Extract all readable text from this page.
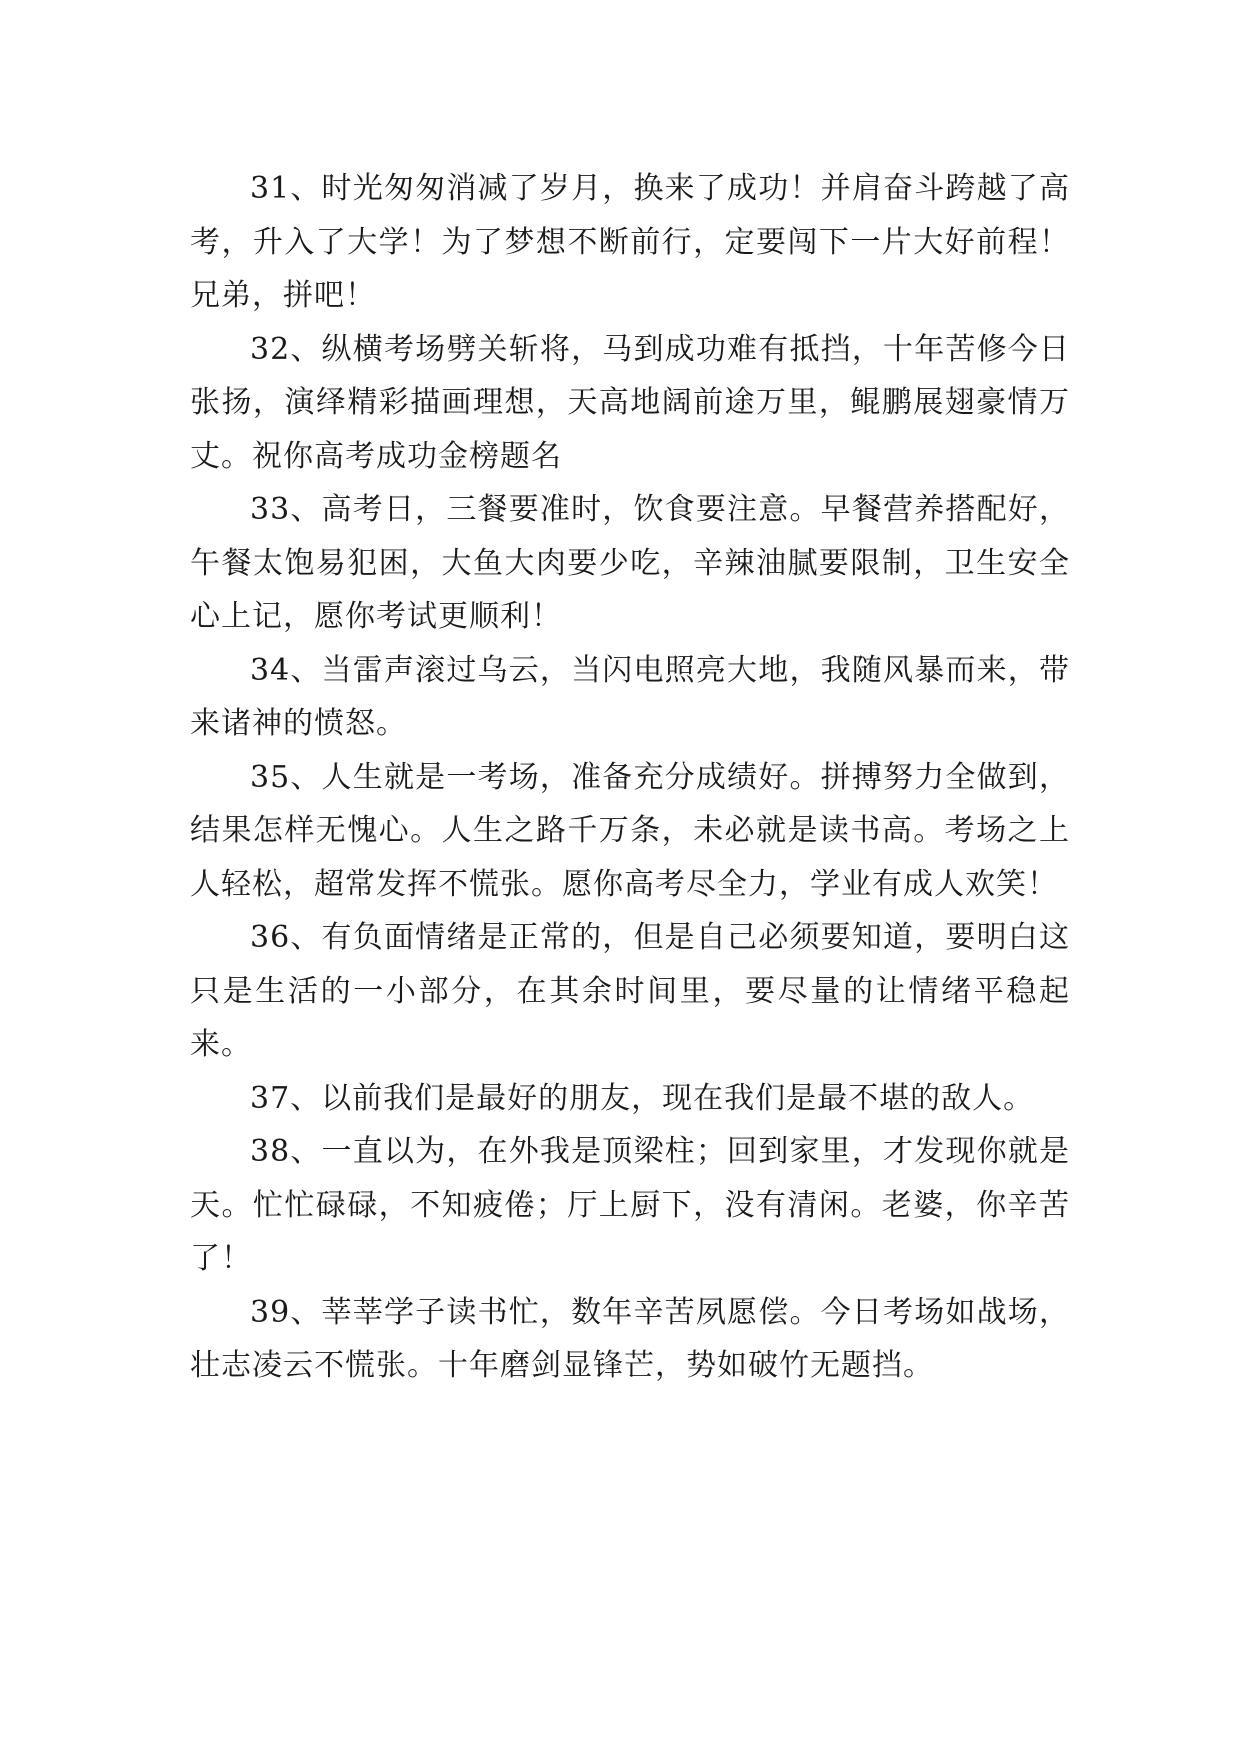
31、时光匆匆消减了岁月，换来了成功！并肩奋斗跨越了高考，升入了大学！为了梦想不断前行，定要闯下一片大好前程！兄弟，拼吧！

32、纵横考场劈关斩将，马到成功难有抵挡，十年苦修今日张扬，演绎精彩描画理想，天高地阔前途万里，鲲鹏展翅豪情万丈。祝你高考成功金榜题名

33、高考日，三餐要准时，饮食要注意。早餐营养搭配好，午餐太饱易犯困，大鱼大肉要少吃，辛辣油腻要限制，卫生安全心上记，愿你考试更顺利！

34、当雷声滚过乌云，当闪电照亮大地，我随风暴而来，带来诸神的愤怒。

35、人生就是一考场，准备充分成绩好。拼搏努力全做到，结果怎样无愧心。人生之路千万条，未必就是读书高。考场之上人轻松，超常发挥不慌张。愿你高考尽全力，学业有成人欢笑！

36、有负面情绪是正常的，但是自己必须要知道，要明白这只是生活的一小部分，在其余时间里，要尽量的让情绪平稳起来。

37、以前我们是最好的朋友，现在我们是最不堪的敌人。

38、一直以为，在外我是顶梁柱；回到家里，才发现你就是天。忙忙碌碌，不知疲倦；厅上厨下，没有清闲。老婆，你辛苦了！

39、莘莘学子读书忙，数年辛苦夙愿偿。今日考场如战场，壮志凌云不慌张。十年磨剑显锋芒，势如破竹无题挡。
